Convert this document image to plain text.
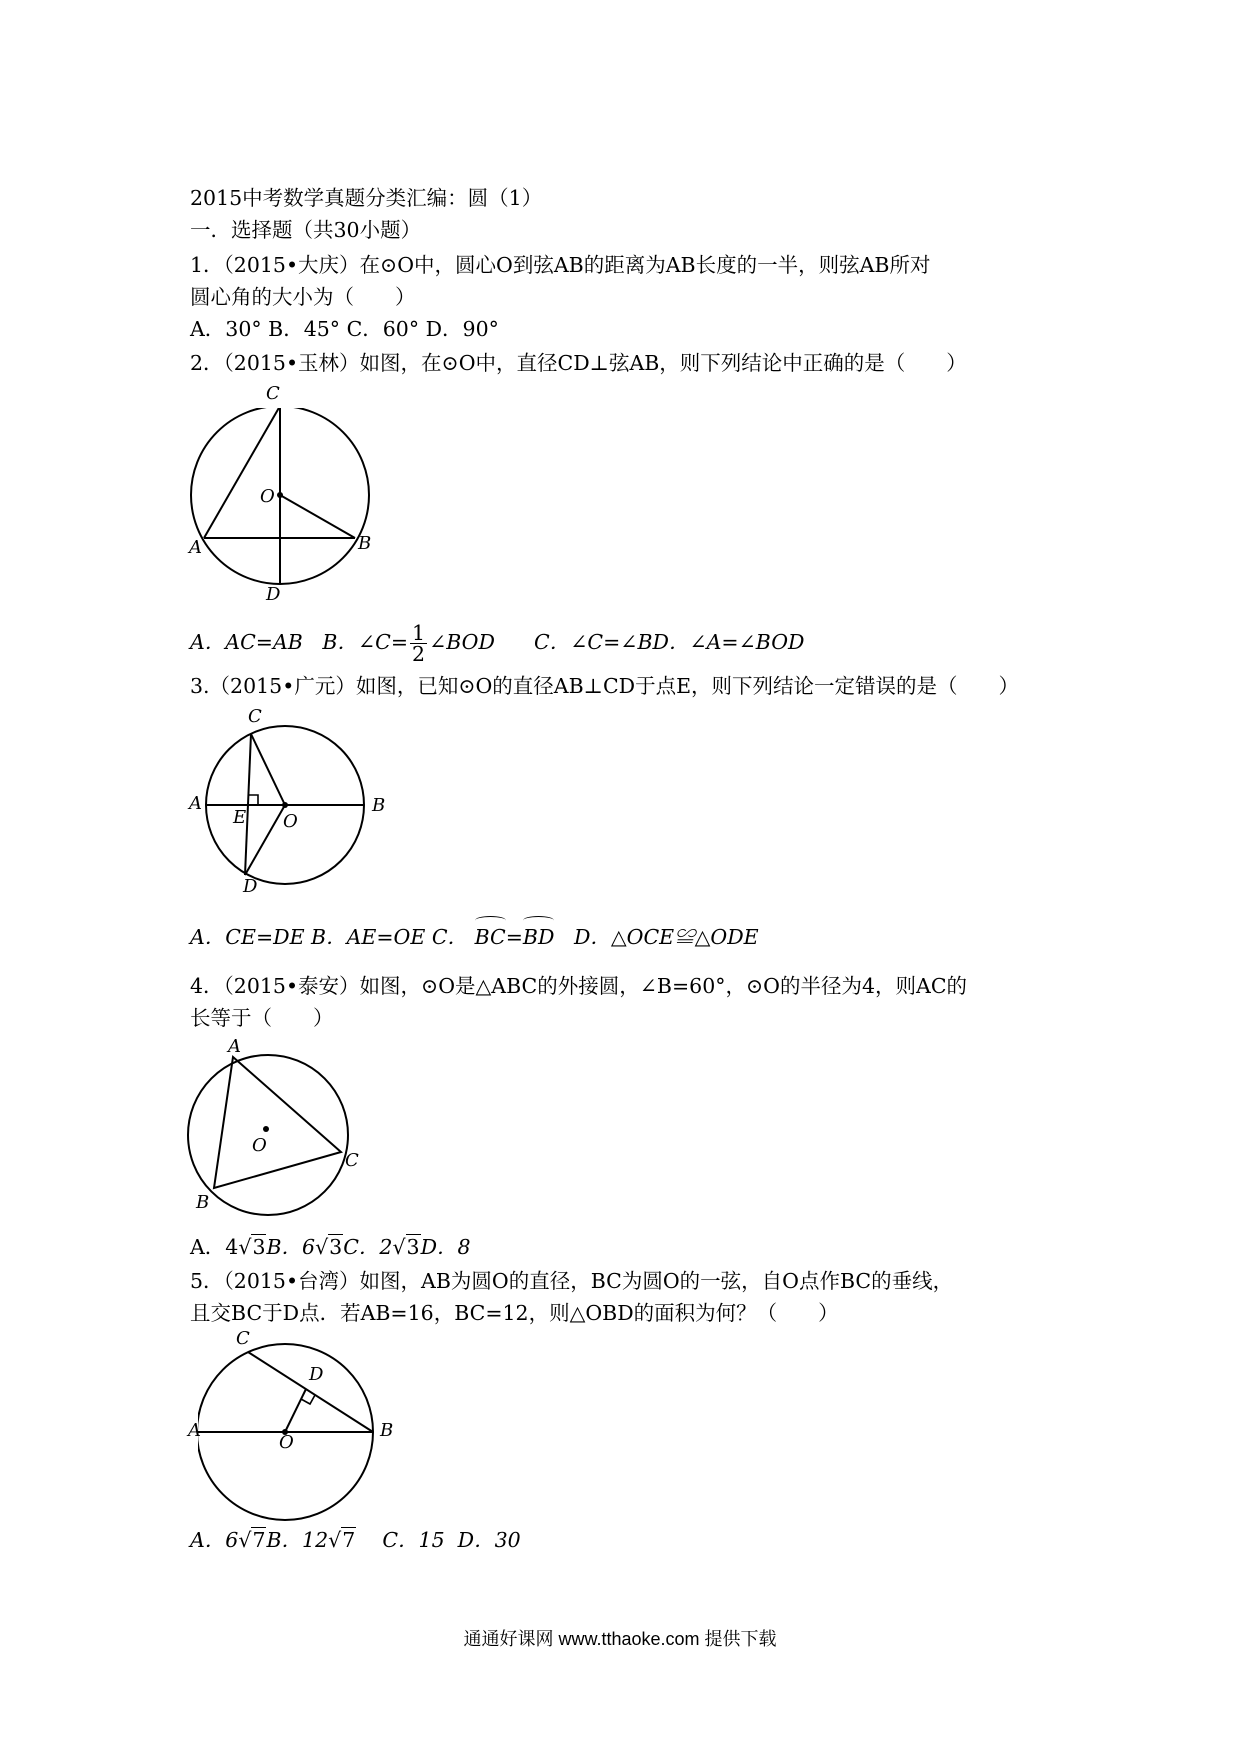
2015中考数学真题分类汇编：圆（1）
一．选择题（共30小题）
1．（2015•大庆）在⊙O中，圆心O到弦AB的距离为AB长度的一半，则弦AB所对
圆心角的大小为（　　）
A．30° B．45° C．60° D．90°
2．（2015•玉林）如图，在⊙O中，直径CD⊥弦AB，则下列结论中正确的是（　　）
C
O
A	B
D
A．AC=AB B．∠C= $\frac{1}{2}$ ∠BOD C．∠C=∠BD．∠A=∠BOD
3.（2015•广元）如图，已知⊙O的直径AB⊥CD于点E，则下列结论一定错误的是（　　）
C
A	B
E O
D
A．CE=DE B．AE=OE C． BC=BD D．△OCE≌△ODE
4．（2015•泰安）如图，⊙O是△ABC的外接圆，∠B=60°，⊙O的半径为4，则AC的
长等于（　　）
A
O
C
B
A．4√3B．6√3C．2√3D．8
5．（2015•台湾）如图，AB为圆O的直径，BC为圆O的一弦，自O点作BC的垂线，
且交BC于D点．若AB=16，BC=12，则△OBD的面积为何？（　　）
C
D
A
O
B
A．6√7B．12√7 C．15 D．30
通通好课网 www.tthaoke.com 提供下载
